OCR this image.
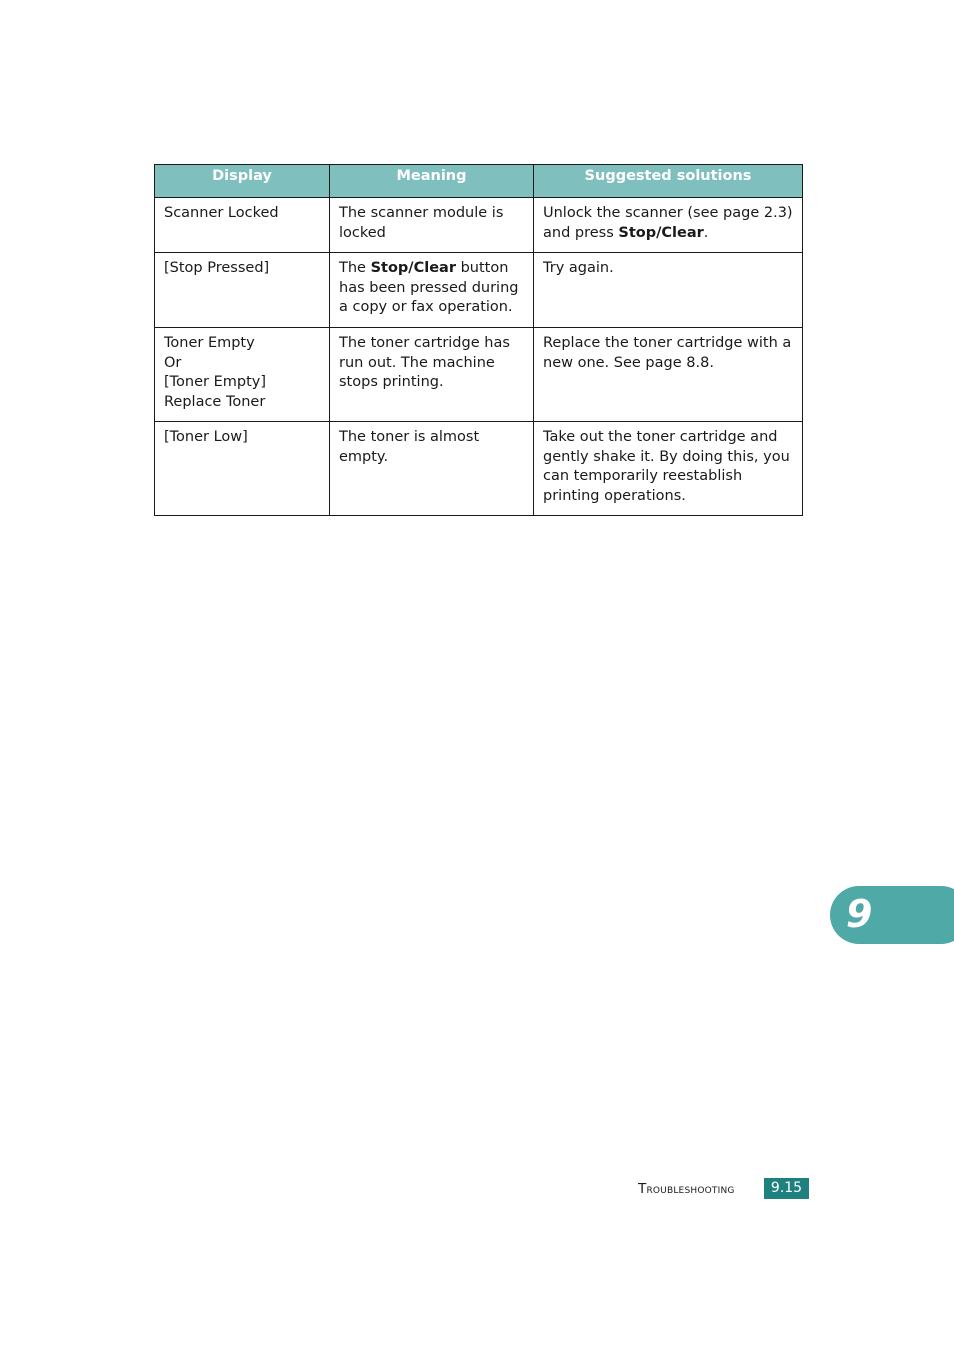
Display	Meaning	Suggested solutions

Scanner Locked	The scanner module is locked	Unlock the scanner (see page 2.3) and press Stop/Clear.

[Stop Pressed]	The Stop/Clear button has been pressed during a copy or fax operation.	Try again.

Toner Empty
Or
[Toner Empty]
Replace Toner	The toner cartridge has run out. The machine stops printing.	Replace the toner cartridge with a new one. See page 8.8.

[Toner Low]	The toner is almost empty.	Take out the toner cartridge and gently shake it. By doing this, you can temporarily reestablish printing operations.
9
Troubleshooting	9.15
